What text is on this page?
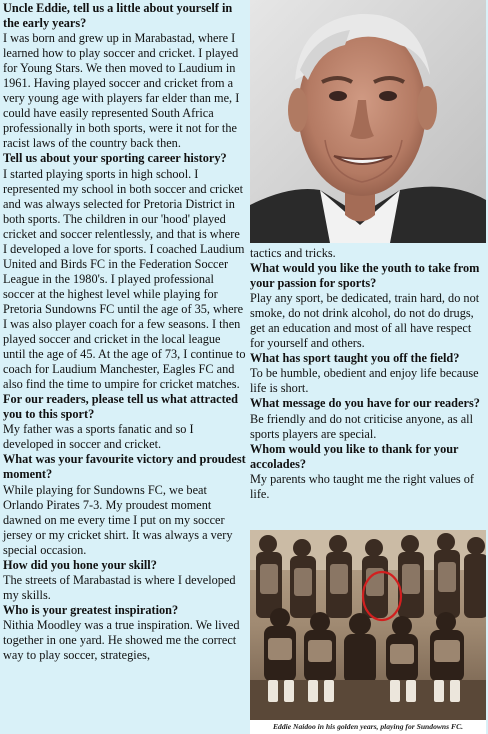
Uncle Eddie, tell us a little about yourself in the early years?
I was born and grew up in Marabastad, where I learned how to play soccer and cricket. I played for Young Stars. We then moved to Laudium in 1961. Having played soccer and cricket from a very young age with players far elder than me, I could have easily represented South Africa professionally in both sports, were it not for the racist laws of the country back then.
Tell us about your sporting career history?
I started playing sports in high school. I represented my school in both soccer and cricket and was always selected for Pretoria District in both sports. The children in our 'hood' played cricket and soccer relentlessly, and that is where I developed a love for sports. I coached Laudium United and Birds FC in the Federation Soccer League in the 1980's. I played professional soccer at the highest level while playing for Pretoria Sundowns FC until the age of 35, where I was also player coach for a few seasons. I then played soccer and cricket in the local league until the age of 45. At the age of 73, I continue to coach for Laudium Manchester, Eagles FC and also find the time to umpire for cricket matches.
For our readers, please tell us what attracted you to this sport?
My father was a sports fanatic and so I developed in soccer and cricket.
What was your favourite victory and proudest moment?
While playing for Sundowns FC, we beat Orlando Pirates 7-3. My proudest moment dawned on me every time I put on my soccer jersey or my cricket shirt. It was always a very special occasion.
How did you hone your skill?
The streets of Marabastad is where I developed my skills.
Who is your greatest inspiration?
Nithia Moodley was a true inspiration. We lived together in one yard. He showed me the correct way to play soccer, strategies,
tactics and tricks.
What would you like the youth to take from your passion for sports?
Play any sport, be dedicated, train hard, do not smoke, do not drink alcohol, do not do drugs, get an education and most of all have respect for yourself and others.
What has sport taught you off the field?
To be humble, obedient and enjoy life because life is short.
What message do you have for our readers?
Be friendly and do not criticise anyone, as all sports players are special.
Whom would you like to thank for your accolades?
My parents who taught me the right values of life.
Eddie Naidoo in his golden years, playing for Sundowns FC.
